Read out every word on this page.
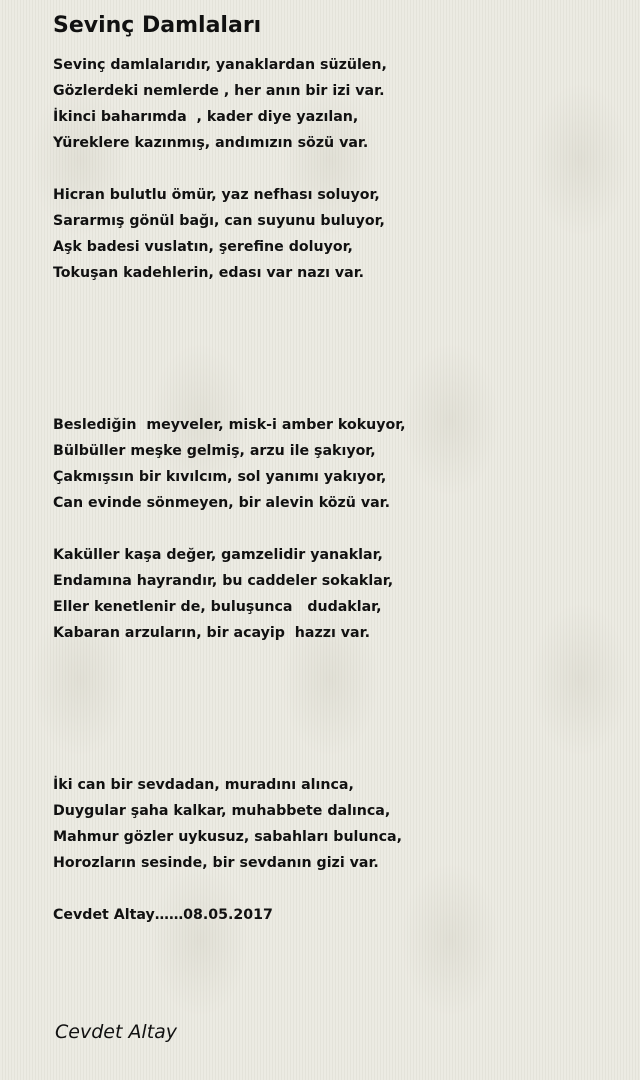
Sevinç Damlaları
Sevinç damlalarıdır, yanaklardan süzülen,
Gözlerdeki nemlerde , her anın bir izi var.
İkinci baharımda  , kader diye yazılan,
Yüreklere kazınmış, andımızın sözü var.
Hicran bulutlu ömür, yaz nefhası soluyor,
Sararmış gönül bağı, can suyunu buluyor,
Aşk badesi vuslatın, şerefine doluyor,
Tokuşan kadehlerin, edası var nazı var.
Beslediğin  meyveler, misk-i amber kokuyor,
Bülbüller meşke gelmiş, arzu ile şakıyor,
Çakmışsın bir kıvılcım, sol yanımı yakıyor,
Can evinde sönmeyen, bir alevin közü var.
Kaküller kaşa değer, gamzelidir yanaklar,
Endamına hayrandır, bu caddeler sokaklar,
Eller kenetlenir de, buluşunca   dudaklar,
Kabaran arzuların, bir acayip  hazzı var.
İki can bir sevdadan, muradını alınca,
Duygular şaha kalkar, muhabbete dalınca,
Mahmur gözler uykusuz, sabahları bulunca,
Horozların sesinde, bir sevdanın gizi var.
Cevdet Altay……08.05.2017
Cevdet Altay
